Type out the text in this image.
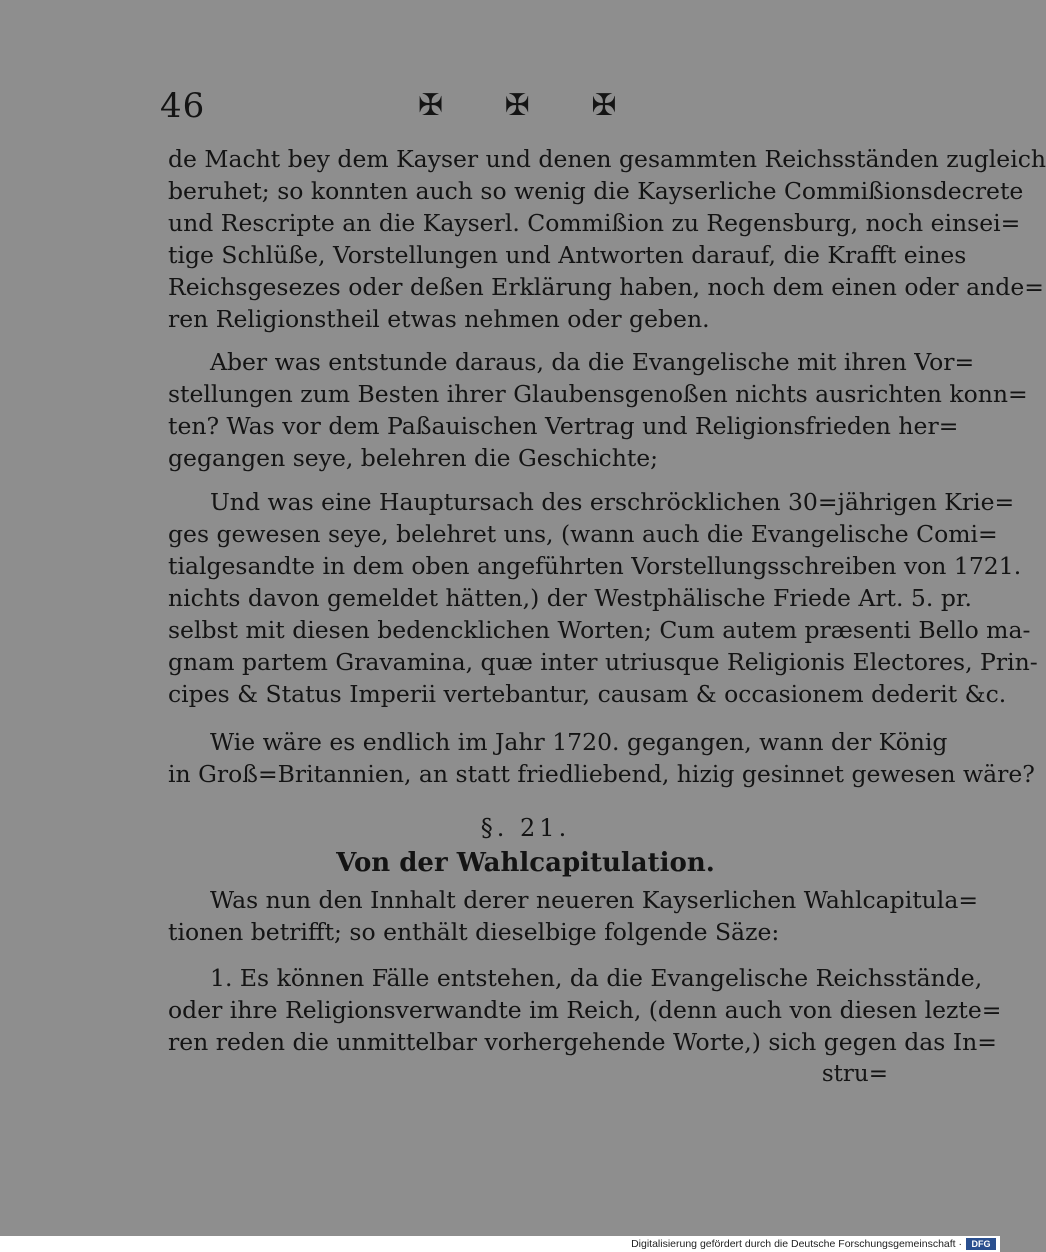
46	✠ ✠ ✠
de Macht bey dem Kayser und denen gesammten Reichsständen zugleich
beruhet; so konnten auch so wenig die Kayserliche Commißionsdecrete
und Rescripte an die Kayserl. Commißion zu Regensburg, noch einsei=
tige Schlüße, Vorstellungen und Antworten darauf, die Krafft eines
Reichsgesezes oder deßen Erklärung haben, noch dem einen oder ande=
ren Religionstheil etwas nehmen oder geben.
Aber was entstunde daraus, da die Evangelische mit ihren Vor=
stellungen zum Besten ihrer Glaubensgenoßen nichts ausrichten konn=
ten? Was vor dem Paßauischen Vertrag und Religionsfrieden her=
gegangen seye, belehren die Geschichte;
Und was eine Hauptursach des erschröcklichen 30=jährigen Krie=
ges gewesen seye, belehret uns, (wann auch die Evangelische Comi=
tialgesandte in dem oben angeführten Vorstellungsschreiben von 1721.
nichts davon gemeldet hätten,) der Westphälische Friede Art. 5. pr.
selbst mit diesen bedencklichen Worten; Cum autem præsenti Bello ma-
gnam partem Gravamina, quæ inter utriusque Religionis Electores, Prin-
cipes & Status Imperii vertebantur, causam & occasionem dederit &c.
Wie wäre es endlich im Jahr 1720. gegangen, wann der König
in Groß=Britannien, an statt friedliebend, hizig gesinnet gewesen wäre?
§. 21.
Von der Wahlcapitulation.
Was nun den Innhalt derer neueren Kayserlichen Wahlcapitula=
tionen betrifft; so enthält dieselbige folgende Säze:
1. Es können Fälle entstehen, da die Evangelische Reichsstände,
oder ihre Religionsverwandte im Reich, (denn auch von diesen lezte=
ren reden die unmittelbar vorhergehende Worte,) sich gegen das In=
stru=
Digitalisierung gefördert durch die Deutsche Forschungsgemeinschaft ·	DFG
